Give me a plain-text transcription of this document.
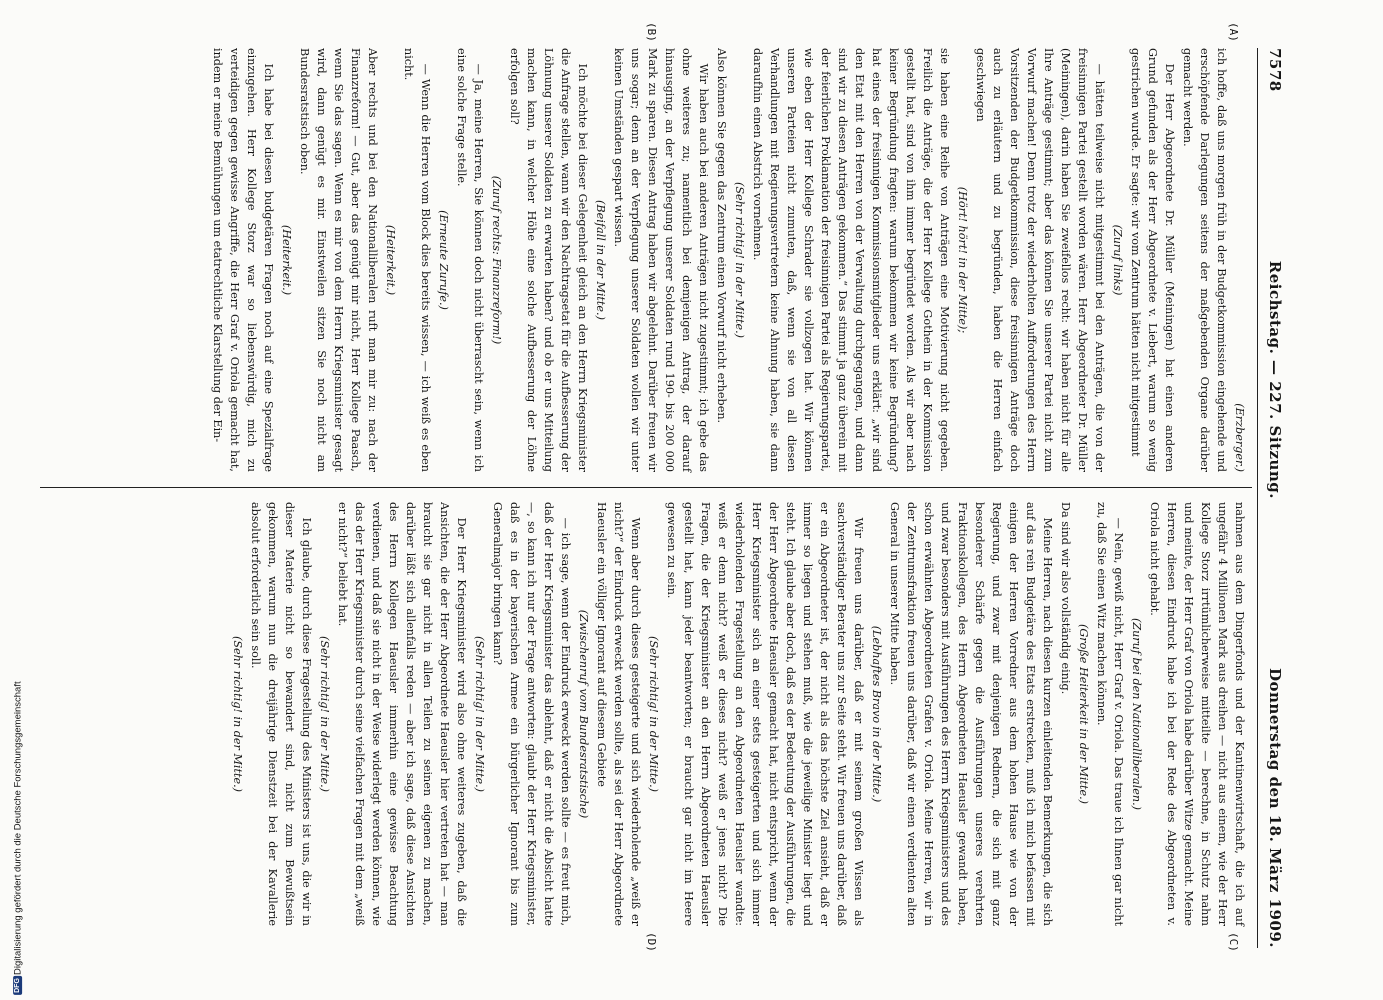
7578
Reichstag. — 227. Sitzung.
Donnerstag den 18. März 1909.

(Erzberger.)

ich hoffe, daß uns morgen früh in der Budgetkommission eingehende und erschöpfende Darlegungen seitens der maßgebenden Organe darüber gemacht werden.

Der Herr Abgeordnete Dr. Müller (Meiningen) hat einen anderen Grund gefunden als der Herr Abgeordnete v. Liebert, warum so wenig gestrichen wurde. Er sagte: wir vom Zentrum hätten nicht mitgestimmt

(Zuruf links)

— hätten teilweise nicht mitgestimmt bei den Anträgen, die von der freisinnigen Partei gestellt worden wären. Herr Abgeordneter Dr. Müller (Meiningen), darin haben Sie zweifellos recht: wir haben nicht für alle Ihre Anträge gestimmt; aber das können Sie unserer Partei nicht zum Vorwurf machen! Denn trotz der wiederholten Aufforderungen des Herrn Vorsitzenden der Budgetkommission, diese freisinnigen Anträge doch auch zu erläutern und zu begründen, haben die Herren einfach geschwiegen

(Hört! hört! in der Mitte);

sie haben eine Reihe von Anträgen eine Motivierung nicht gegeben. Freilich die Anträge, die der Herr Kollege Gothein in der Kommission gestellt hat, sind von ihm immer begründet worden. Als wir aber nach keiner Begründung fragten: warum bekommen wir keine Begründung? hat eines der freisinnigen Kommissionsmitglieder uns erklärt: „wir sind den Etat mit den Herren von der Verwaltung durchgegangen, und dann sind wir zu diesen Anträgen gekommen.“ Das stimmt ja ganz überein mit der feierlichen Proklamation der freisinnigen Partei als Regierungspartei, wie eben der Herr Kollege Schrader sie vollzogen hat. Wir können unseren Parteien nicht zumuten, daß, wenn sie von all diesen Verhandlungen mit Regierungsvertretern keine Ahnung haben, sie dann daraufhin einen Abstrich vornehmen.

(Sehr richtig! in der Mitte.)

Also können Sie gegen das Zentrum einen Vorwurf nicht erheben.

Wir haben auch bei anderen Anträgen nicht zugestimmt; ich gebe das ohne weiteres zu; namentlich bei demjenigen Antrag, der darauf hinausging, an der Verpflegung unserer Soldaten rund 190- bis 200 000 Mark zu sparen. Diesen Antrag haben wir abgelehnt. Darüber freuen wir uns sogar; denn an der Verpflegung unserer Soldaten wollen wir unter keinen Umständen gespart wissen.

(Beifall in der Mitte.)

Ich möchte bei dieser Gelegenheit gleich an den Herrn Kriegsminister die Anfrage stellen, wann wir den Nachtragsetat für die Aufbesserung der Löhnung unserer Soldaten zu erwarten haben? und ob er uns Mitteilung machen kann, in welcher Höhe eine solche Aufbesserung der Löhne erfolgen soll?

(Zuruf rechts: Finanzreform!)

— Ja, meine Herren, Sie können doch nicht überrascht sein, wenn ich eine solche Frage stelle.

(Erneute Zurufe.)

— Wenn die Herren vom Block dies bereits wissen, — ich weiß es eben nicht.

(Heiterkeit.)

Aber rechts und bei den Nationalliberalen ruft man mir zu: nach der Finanzreform! — Gut, aber das genügt mir nicht, Herr Kollege Paasch, wenn Sie das sagen. Wenn es mir von dem Herrn Kriegsminister gesagt wird, dann genügt es mir. Einstweilen sitzen Sie noch nicht am Bundesratstisch oben.

(Heiterkeit.)

Ich habe bei diesen budgetären Fragen noch auf eine Spezialfrage einzugehen. Herr Kollege Storz war so liebenswürdig, mich zu verteidigen gegen gewisse Angriffe, die Herr Graf v. Oriola gemacht hat, indem er meine Bemühungen um etatrechtliche Klarstellung der Ein-

nahmen aus dem Dingerfonds und der Kantinenwirtschaft, die ich auf ungefähr 4 Millionen Mark aus dreihen — nicht aus einem, wie der Herr Kollege Storz irrtümlicherweise mitteilte — berechne, in Schutz nahm und meinte, der Herr Graf von Oriola habe darüber Witze gemacht. Meine Herren, diesen Eindruck habe ich bei der Rede des Abgeordneten v. Oriola nicht gehabt.

(Zuruf bei den Nationalliberalen.)

— Nein, gewiß nicht, Herr Graf v. Oriola. Das traue ich Ihnen gar nicht zu, daß Sie einen Witz machen können.

(Große Heiterkeit in der Mitte.)

Da sind wir also vollständig einig.

Meine Herren, nach diesen kurzen einleitenden Bemerkungen, die sich auf das rein Budgetäre des Etats erstrecken, muß ich mich befassen mit einigen der Herren Vorredner aus dem hohen Hause wie von der Regierung, und zwar mit denjenigen Rednern, die sich mit ganz besonderer Schärfe gegen die Ausführungen unseres verehrten Fraktionskollegen, des Herrn Abgeordneten Haeusler gewandt haben, und zwar besonders mit Ausführungen des Herrn Kriegsministers und des schon erwähnten Abgeordneten Grafen v. Oriola. Meine Herren, wir in der Zentrumsfraktion freuen uns darüber, daß wir einen verdienten alten General in unserer Mitte haben.

(Lebhaftes Bravo in der Mitte.)

Wir freuen uns darüber, daß er mit seinem großen Wissen als sachverständiger Berater uns zur Seite steht. Wir freuen uns darüber, daß er ein Abgeordneter ist, der nicht als das höchste Ziel ansieht, daß er immer so liegen und stehen muß, wie die jeweilige Minister liegt und steht. Ich glaube aber doch, daß es der Bedeutung der Ausführungen, die der Herr Abgeordnete Haeusler gemacht hat, nicht entspricht, wenn der Herr Kriegsminister sich an einer stets gesteigerten und sich immer wiederholenden Fragestellung an den Abgeordneten Haeusler wandte: weiß er denn nicht? weiß er dieses nicht? weiß er jenes nicht? Die Fragen, die der Kriegsminister an den Herrn Abgeordneten Haeusler gestellt hat, kann jeder beantworten; er braucht gar nicht im Heere gewesen zu sein.

(Sehr richtig! in der Mitte.)

Wenn aber durch dieses gesteigerte und sich wiederholende „weiß er nicht?“ der Eindruck erweckt werden sollte, als sei der Herr Abgeordnete Haeusler ein völliger Ignorant auf diesem Gebiete

(Zwischenruf vom Bundesratstische)

— ich sage, wenn der Eindruck erweckt werden sollte — es freut mich, daß der Herr Kriegsminister das ablehnt, daß er nicht die Absicht hatte —, so kann ich nur der Frage antworten: glaubt der Herr Kriegsminister, daß es in der bayerischen Armee ein bürgerlicher Ignorant bis zum Generalmajor bringen kann?

(Sehr richtig! in der Mitte.)

Der Herr Kriegsminister wird also ohne weiteres zugeben, daß die Ansichten, die der Herr Abgeordnete Haeusler hier vertreten hat — man braucht sie gar nicht in allen Teilen zu seinen eigenen zu machen, darüber läßt sich allenfalls reden — aber ich sage, daß diese Ansichten des Herrn Kollegen Haeusler immerhin eine gewisse Beachtung verdienen, und daß sie nicht in der Weise widerlegt werden können, wie das der Herr Kriegsminister durch seine vielfachen Fragen mit dem „weiß er nicht?“ beliebt hat.

(Sehr richtig! in der Mitte.)

Ich glaube, durch diese Fragestellung des Ministers ist uns, die wir in dieser Materie nicht so bewandert sind, nicht zum Bewußtsein gekommen, warum nun die dreijährige Dienstzeit bei der Kavallerie absolut erforderlich sein soll.

(Sehr richtig! in der Mitte.)

(A)
(B)
(C)
(D)
DFG
Digitalisierung gefördert durch die Deutsche Forschungsgemeinschaft
